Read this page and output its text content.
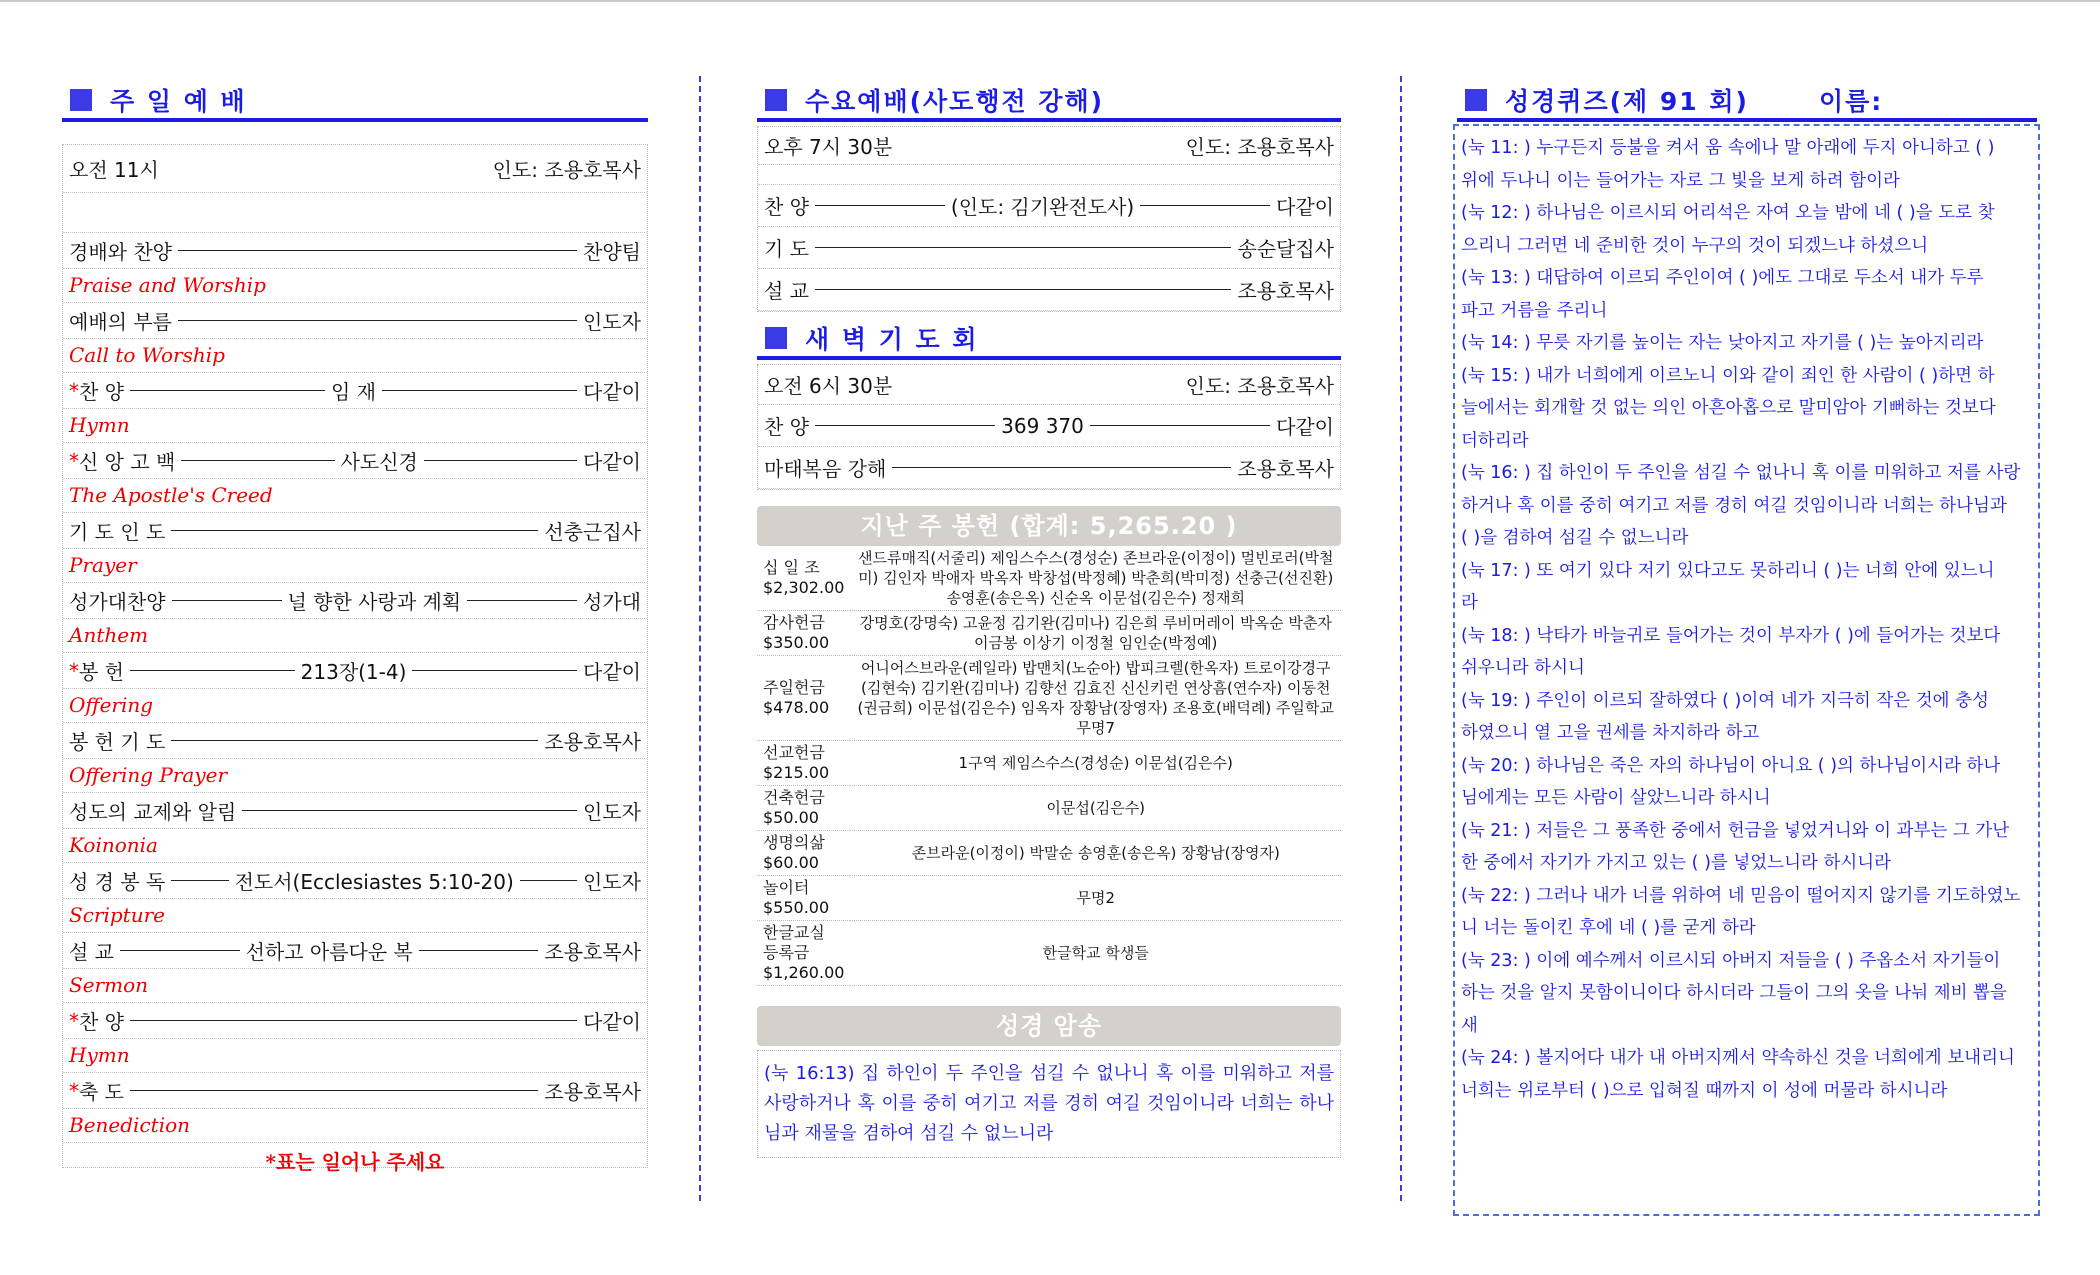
주 일 예 배
오전 11시	인도: 조용호목사
경배와 찬양	찬양팀
Praise and Worship
예배의 부름	인도자
Call to Worship
* 찬 양	임 재	다같이
Hymn
* 신 앙 고 백	사도신경	다같이
The Apostle's Creed
기 도 인 도	선충근집사
Prayer
성가대찬양	널 향한 사랑과 계획	성가대
Anthem
* 봉 헌	213장(1-4)	다같이
Offering
봉 헌 기 도	조용호목사
Offering Prayer
성도의 교제와 알림	인도자
Koinonia
성 경 봉 독	전도서(Ecclesiastes 5:10-20)	인도자
Scripture
설 교	선하고 아름다운 복	조용호목사
Sermon
* 찬 양	다같이
Hymn
* 축 도	조용호목사
Benediction
*표는 일어나 주세요
수요예배(사도행전 강해)
오후 7시 30분	인도: 조용호목사
찬 양	(인도: 김기완전도사)	다같이
기 도	송순달집사
설 교	조용호목사
새 벽 기 도 회
오전 6시 30분	인도: 조용호목사
찬 양	369 370	다같이
마태복음 강해	조용호목사
지난 주 봉헌 (합계: 5,265.20 )
십 일 조
$2,302.00	샌드류매직(서줄리) 제임스수스(경성순) 존브라운(이정이) 멀빈로러(박철미) 김인자 박애자 박옥자 박창섭(박정혜) 박춘희(박미정) 선충근(선진환) 송영훈(송은옥) 신순옥 이문섭(김은수) 정재희

감사헌금
$350.00	강명호(강명숙) 고윤정 김기완(김미나) 김은희 루비머레이 박옥순 박춘자 이금봉 이상기 이정철 임인순(박정예)

주일헌금
$478.00	어니어스브라운(레일라) 밥맨치(노순아) 밥피크렐(한옥자) 트로이강경구(김현숙) 김기완(김미나) 김향선 김효진 신신키런 연상흠(연수자) 이동천(권금희) 이문섭(김은수) 임옥자 장황남(장영자) 조용호(배덕례) 주일학교 무명7

선교헌금
$215.00	1구역 제임스수스(경성순) 이문섭(김은수)

건축헌금
$50.00	이문섭(김은수)

생명의삶
$60.00	존브라운(이정이) 박말순 송영훈(송은옥) 장황남(장영자)

놀이터
$550.00	무명2

한글교실 등록금
$1,260.00	한글학교 학생들
성경 암송
(눅 16:13) 집 하인이 두 주인을 섬길 수 없나니 혹 이를 미워하고 저를 사랑하거나 혹 이를 중히 여기고 저를 경히 여길 것임이니라 너희는 하나님과 재물을 겸하여 섬길 수 없느니라
성경퀴즈(제 91 회)	이름:
(눅 11: ) 누구든지 등불을 켜서 움 속에나 말 아래에 두지 아니하고 ( )
위에 두나니 이는 들어가는 자로 그 빛을 보게 하려 함이라
(눅 12: ) 하나님은 이르시되 어리석은 자여 오늘 밤에 네 ( )을 도로 찾
으리니 그러면 네 준비한 것이 누구의 것이 되겠느냐 하셨으니
(눅 13: ) 대답하여 이르되 주인이여 ( )에도 그대로 두소서 내가 두루
파고 거름을 주리니
(눅 14: ) 무릇 자기를 높이는 자는 낮아지고 자기를 ( )는 높아지리라
(눅 15: ) 내가 너희에게 이르노니 이와 같이 죄인 한 사람이 ( )하면 하
늘에서는 회개할 것 없는 의인 아흔아홉으로 말미암아 기뻐하는 것보다
더하리라
(눅 16: ) 집 하인이 두 주인을 섬길 수 없나니 혹 이를 미워하고 저를 사랑
하거나 혹 이를 중히 여기고 저를 경히 여길 것임이니라 너희는 하나님과
( )을 겸하여 섬길 수 없느니라
(눅 17: ) 또 여기 있다 저기 있다고도 못하리니 ( )는 너희 안에 있느니
라
(눅 18: ) 낙타가 바늘귀로 들어가는 것이 부자가 ( )에 들어가는 것보다
쉬우니라 하시니
(눅 19: ) 주인이 이르되 잘하였다 ( )이여 네가 지극히 작은 것에 충성
하였으니 열 고을 권세를 차지하라 하고
(눅 20: ) 하나님은 죽은 자의 하나님이 아니요 ( )의 하나님이시라 하나
님에게는 모든 사람이 살았느니라 하시니
(눅 21: ) 저들은 그 풍족한 중에서 헌금을 넣었거니와 이 과부는 그 가난
한 중에서 자기가 가지고 있는 ( )를 넣었느니라 하시니라
(눅 22: ) 그러나 내가 너를 위하여 네 믿음이 떨어지지 않기를 기도하였노
니 너는 돌이킨 후에 네 ( )를 굳게 하라
(눅 23: ) 이에 예수께서 이르시되 아버지 저들을 ( ) 주옵소서 자기들이
하는 것을 알지 못함이니이다 하시더라 그들이 그의 옷을 나눠 제비 뽑을
새
(눅 24: ) 볼지어다 내가 내 아버지께서 약속하신 것을 너희에게 보내리니
너희는 위로부터 ( )으로 입혀질 때까지 이 성에 머물라 하시니라
